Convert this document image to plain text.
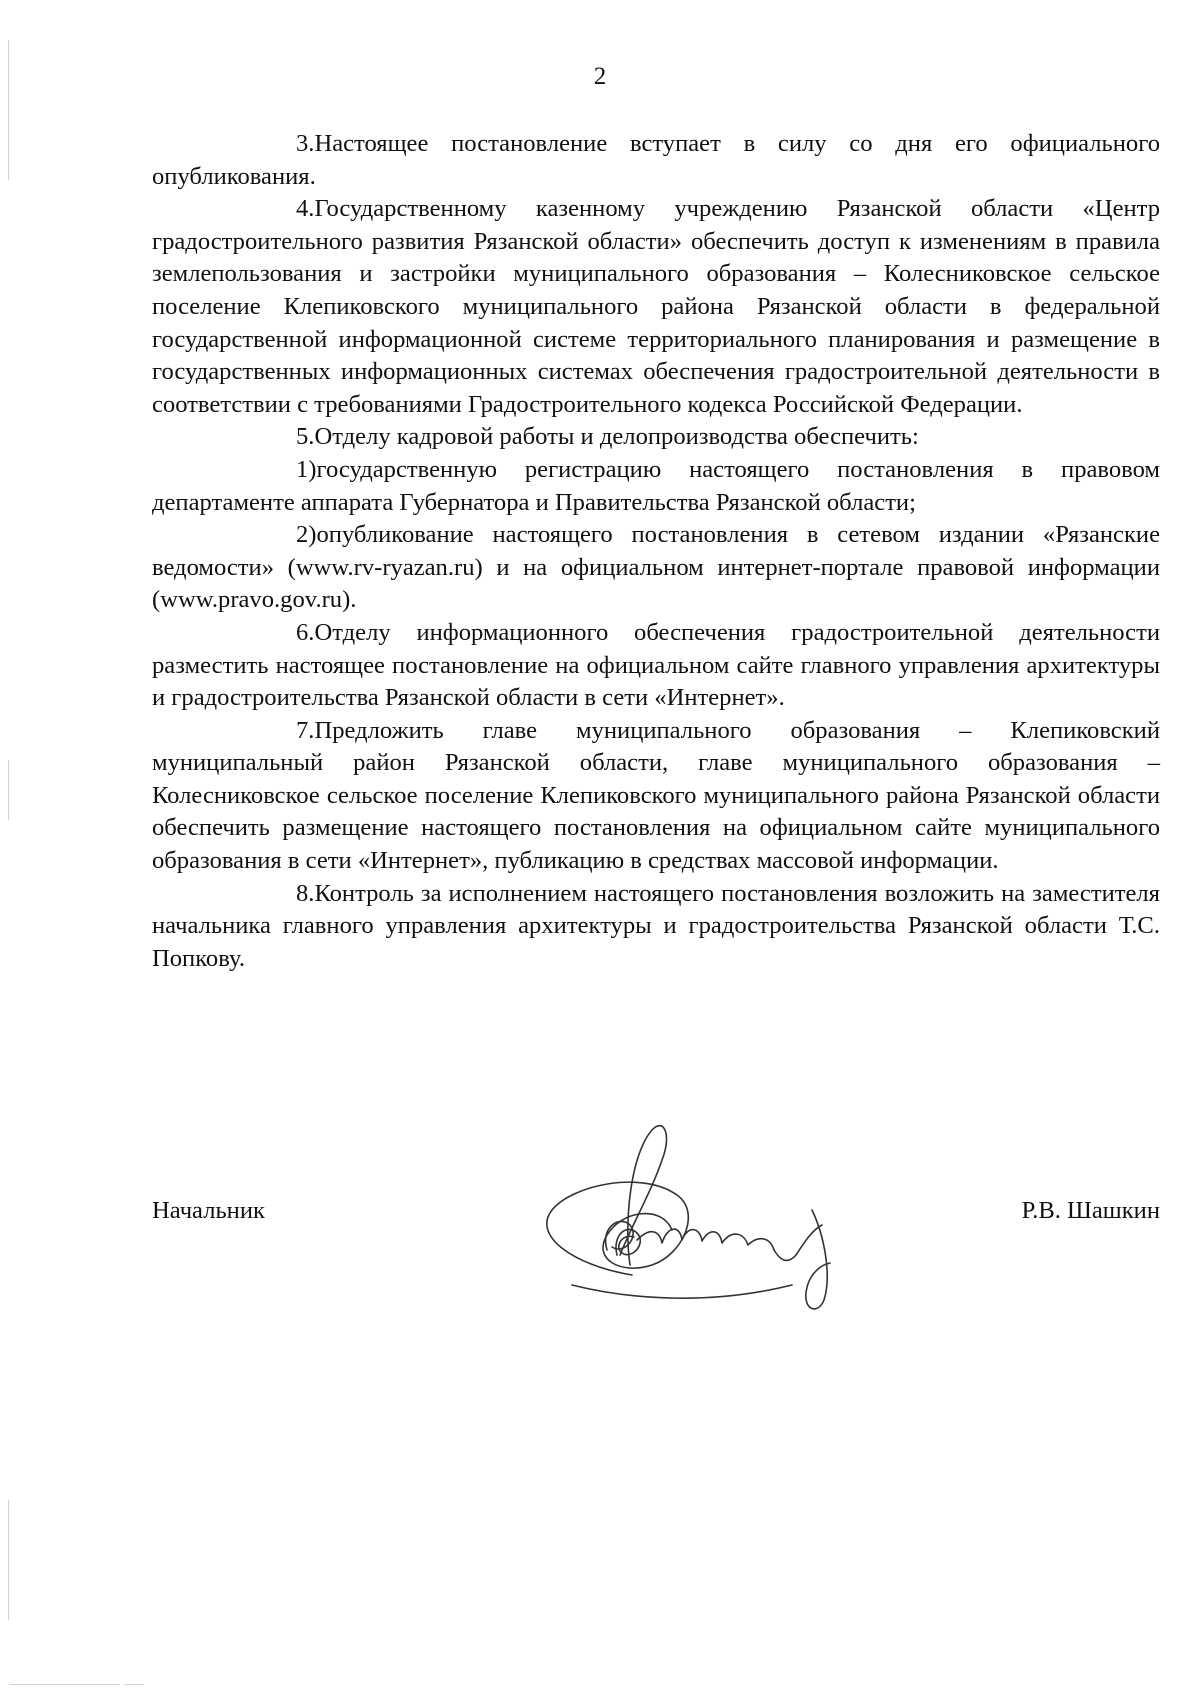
2

3.Настоящее постановление вступает в силу со дня его официального опубликования.

4.Государственному казенному учреждению Рязанской области «Центр градостроительного развития Рязанской области» обеспечить доступ к изменениям в правила землепользования и застройки муниципального образования – Колесниковское сельское поселение Клепиковского муниципального района Рязанской области в федеральной государственной информационной системе территориального планирования и размещение в государственных информационных системах обеспечения градостроительной деятельности в соответствии с требованиями Градостроительного кодекса Российской Федерации.

5.Отделу кадровой работы и делопроизводства обеспечить:

1)государственную регистрацию настоящего постановления в правовом департаменте аппарата Губернатора и Правительства Рязанской области;

2)опубликование настоящего постановления в сетевом издании «Рязанские ведомости» (www.rv-ryazan.ru) и на официальном интернет-портале правовой информации (www.pravo.gov.ru).

6.Отделу информационного обеспечения градостроительной деятельности разместить настоящее постановление на официальном сайте главного управления архитектуры и градостроительства Рязанской области в сети «Интернет».

7.Предложить главе муниципального образования – Клепиковский муниципальный район Рязанской области, главе муниципального образования – Колесниковское сельское поселение Клепиковского муниципального района Рязанской области обеспечить размещение настоящего постановления на официальном сайте муниципального образования в сети «Интернет», публикацию в средствах массовой информации.

8.Контроль за исполнением настоящего постановления возложить на заместителя начальника главного управления архитектуры и градостроительства Рязанской области Т.С. Попкову.

Начальник	Р.В. Шашкин
